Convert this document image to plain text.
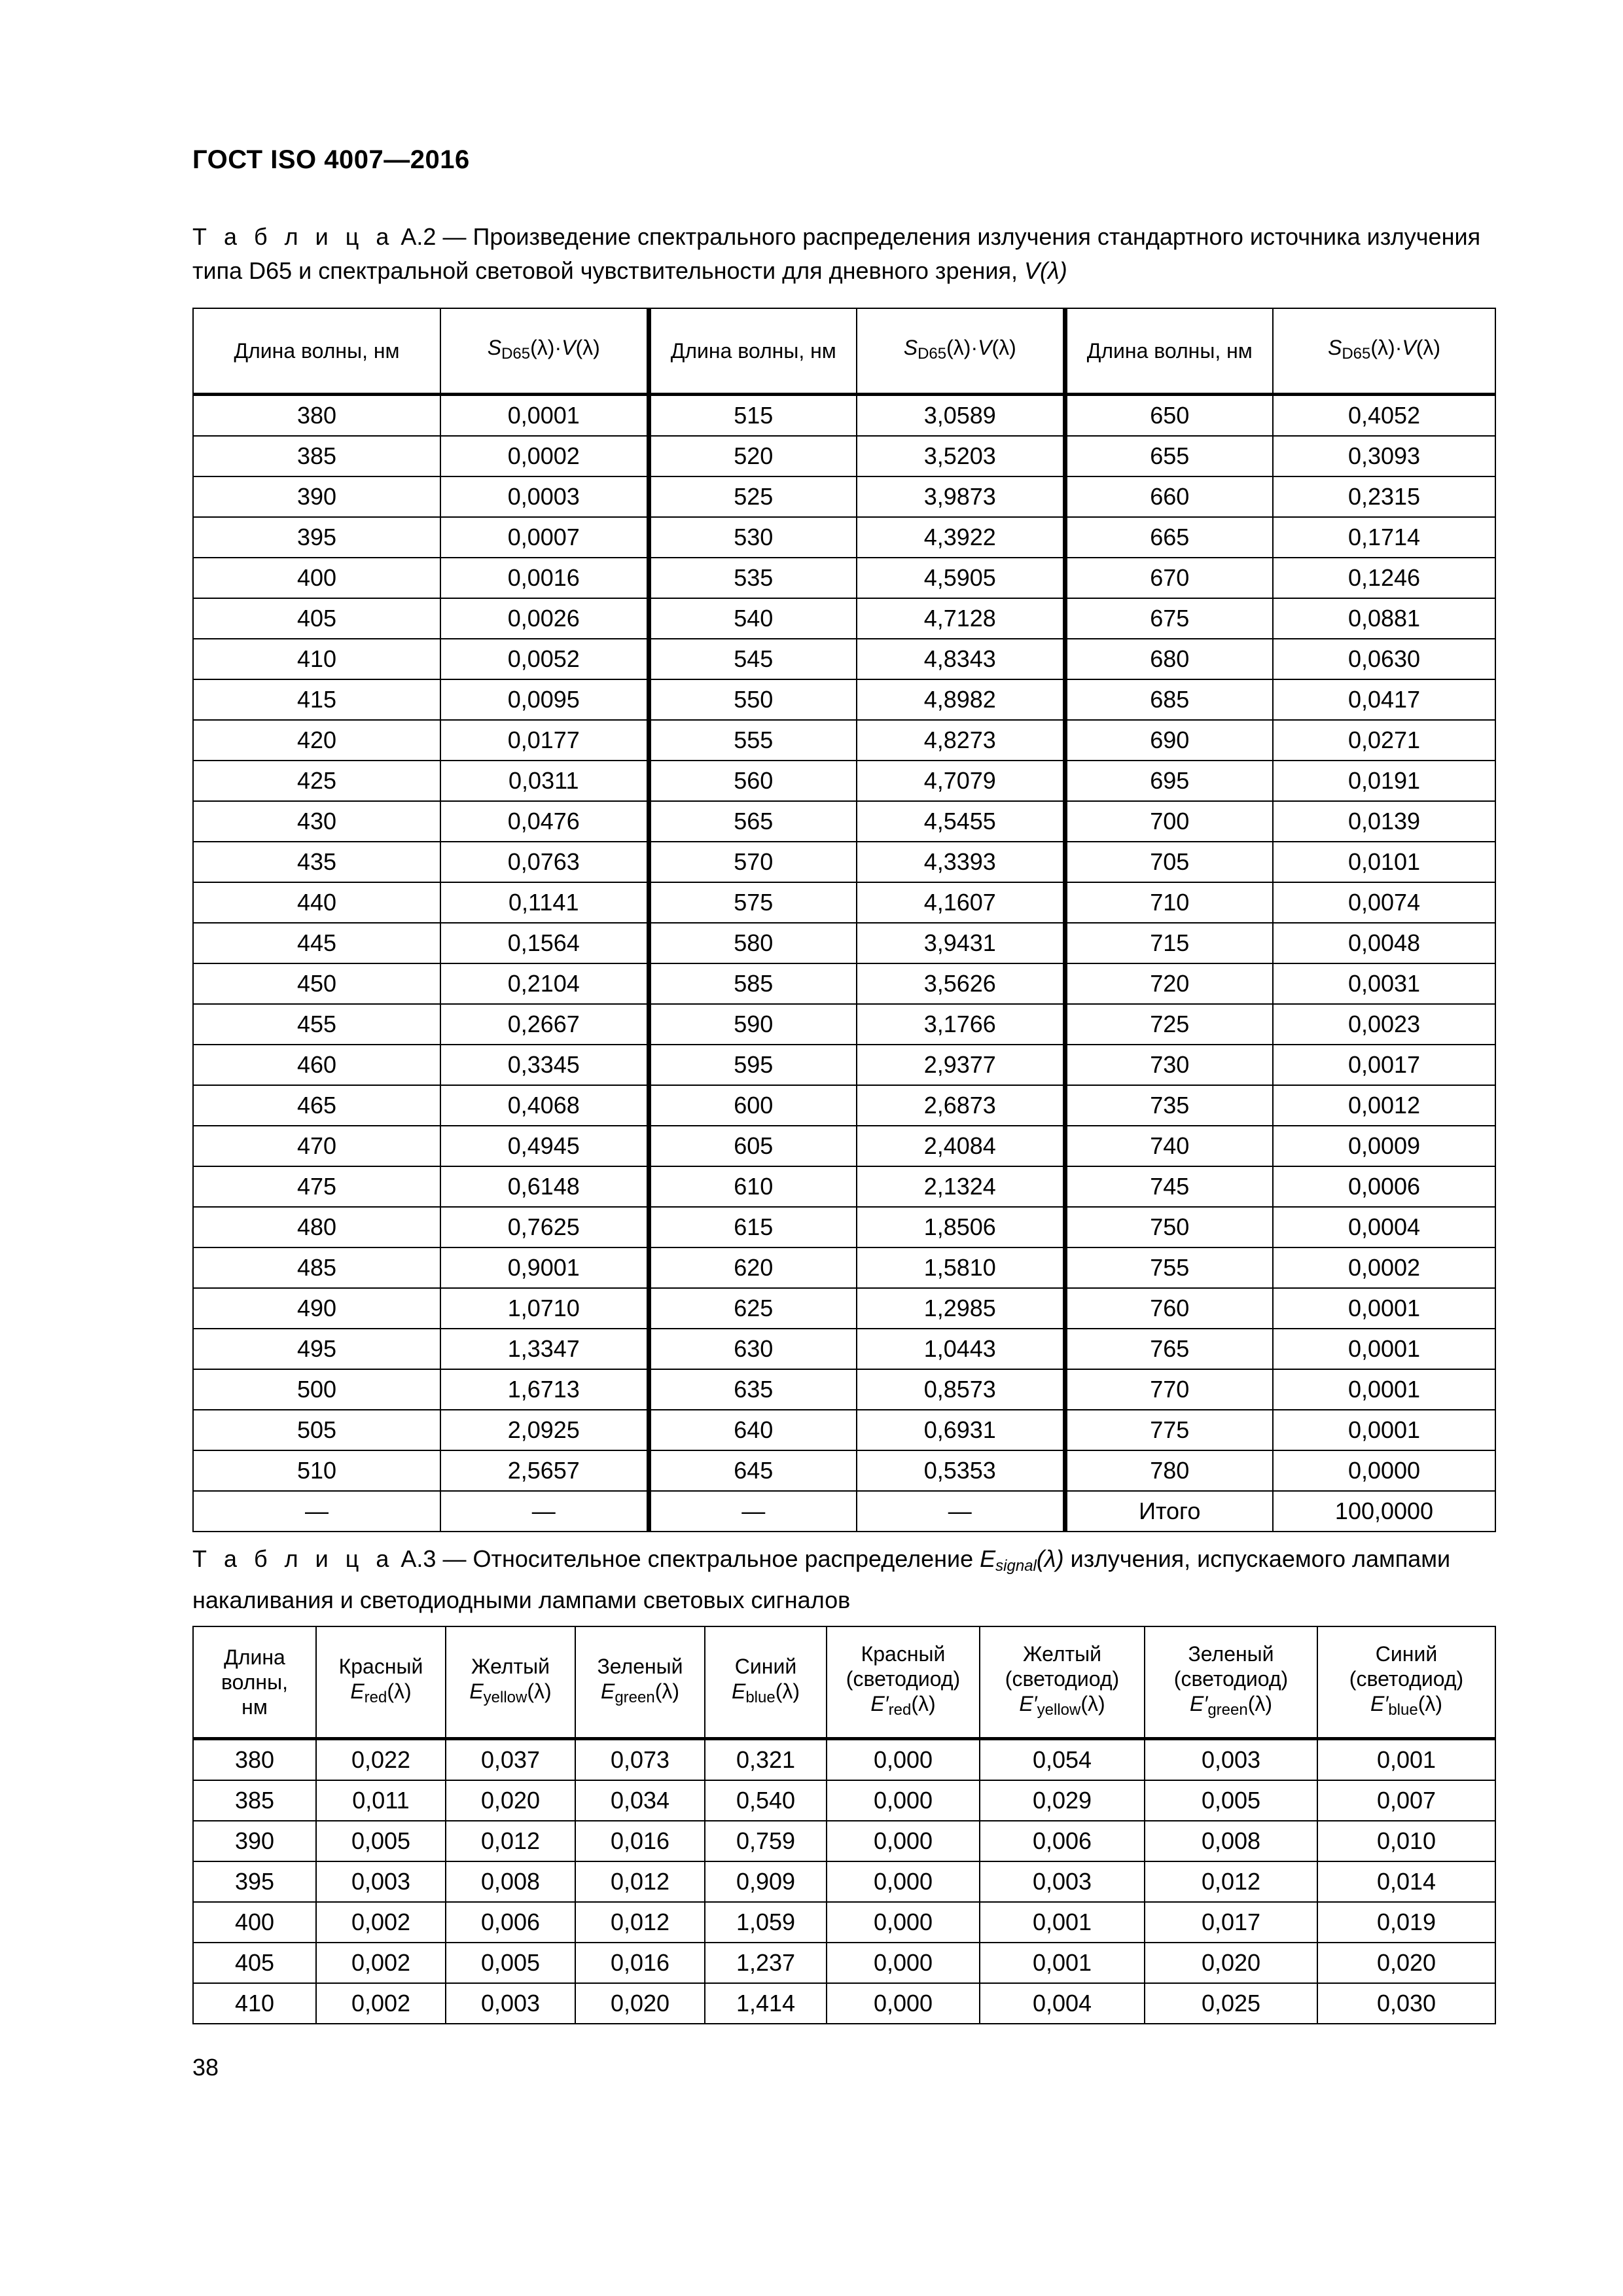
ГОСТ ISO 4007—2016
Т а б л и ц а А.2 — Произведение спектрального распределения излучения стандартного источника излучения типа D65 и спектральной световой чувствительности для дневного зрения, V(λ)
Длина волны, нм	$S_{D65}(\lambda)\cdot V(\lambda)$	Длина волны, нм	$S_{D65}(\lambda)\cdot V(\lambda)$	Длина волны, нм	$S_{D65}(\lambda)\cdot V(\lambda)$
380	0,0001	515	3,0589	650	0,4052
385	0,0002	520	3,5203	655	0,3093
390	0,0003	525	3,9873	660	0,2315
395	0,0007	530	4,3922	665	0,1714
400	0,0016	535	4,5905	670	0,1246
405	0,0026	540	4,7128	675	0,0881
410	0,0052	545	4,8343	680	0,0630
415	0,0095	550	4,8982	685	0,0417
420	0,0177	555	4,8273	690	0,0271
425	0,0311	560	4,7079	695	0,0191
430	0,0476	565	4,5455	700	0,0139
435	0,0763	570	4,3393	705	0,0101
440	0,1141	575	4,1607	710	0,0074
445	0,1564	580	3,9431	715	0,0048
450	0,2104	585	3,5626	720	0,0031
455	0,2667	590	3,1766	725	0,0023
460	0,3345	595	2,9377	730	0,0017
465	0,4068	600	2,6873	735	0,0012
470	0,4945	605	2,4084	740	0,0009
475	0,6148	610	2,1324	745	0,0006
480	0,7625	615	1,8506	750	0,0004
485	0,9001	620	1,5810	755	0,0002
490	1,0710	625	1,2985	760	0,0001
495	1,3347	630	1,0443	765	0,0001
500	1,6713	635	0,8573	770	0,0001
505	2,0925	640	0,6931	775	0,0001
510	2,5657	645	0,5353	780	0,0000
—	—	—	—	Итого	100,0000
Т а б л и ц а А.3 — Относительное спектральное распределение $E_{signal}(\lambda)$ излучения, испускаемого лампами накаливания и светодиодными лампами световых сигналов
Длина
волны,
нм	Красный
$E_{red}(\lambda)$	Желтый
$E_{yellow}(\lambda)$	Зеленый
$E_{green}(\lambda)$	Синий
$E_{blue}(\lambda)$	Красный
(светодиод)
$E'_{red}(\lambda)$	Желтый
(светодиод)
$E'_{yellow}(\lambda)$	Зеленый
(светодиод)
$E'_{green}(\lambda)$	Синий
(светодиод)
$E'_{blue}(\lambda)$
380	0,022	0,037	0,073	0,321	0,000	0,054	0,003	0,001
385	0,011	0,020	0,034	0,540	0,000	0,029	0,005	0,007
390	0,005	0,012	0,016	0,759	0,000	0,006	0,008	0,010
395	0,003	0,008	0,012	0,909	0,000	0,003	0,012	0,014
400	0,002	0,006	0,012	1,059	0,000	0,001	0,017	0,019
405	0,002	0,005	0,016	1,237	0,000	0,001	0,020	0,020
410	0,002	0,003	0,020	1,414	0,000	0,004	0,025	0,030
38
